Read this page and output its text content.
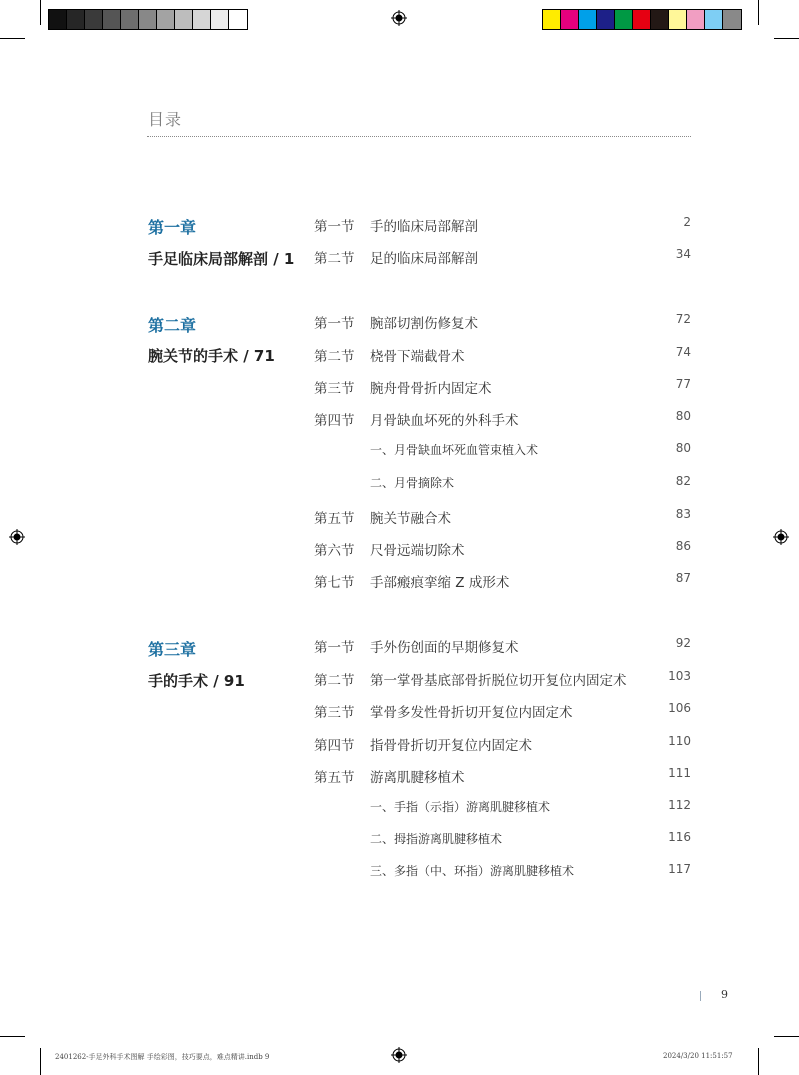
目录
第一章
手足临床局部解剖 / 1
第一节 手的临床局部解剖	2
第二节 足的临床局部解剖	34
第二章
腕关节的手术 / 71
第一节 腕部切割伤修复术	72
第二节 桡骨下端截骨术	74
第三节 腕舟骨骨折内固定术	77
第四节 月骨缺血坏死的外科手术	80
一、月骨缺血坏死血管束植入术	80
二、月骨摘除术	82
第五节 腕关节融合术	83
第六节 尺骨远端切除术	86
第七节 手部瘢痕挛缩 Z 成形术	87
第三章
手的手术 / 91
第一节 手外伤创面的早期修复术	92
第二节 第一掌骨基底部骨折脱位切开复位内固定术	103
第三节 掌骨多发性骨折切开复位内固定术	106
第四节 指骨骨折切开复位内固定术	110
第五节 游离肌腱移植术	111
一、手指（示指）游离肌腱移植术	112
二、拇指游离肌腱移植术	116
三、多指（中、环指）游离肌腱移植术	117
9
2401262-手足外科手术图解 手绘彩图，技巧要点，难点精讲.indb 9	2024/3/20 11:51:57
